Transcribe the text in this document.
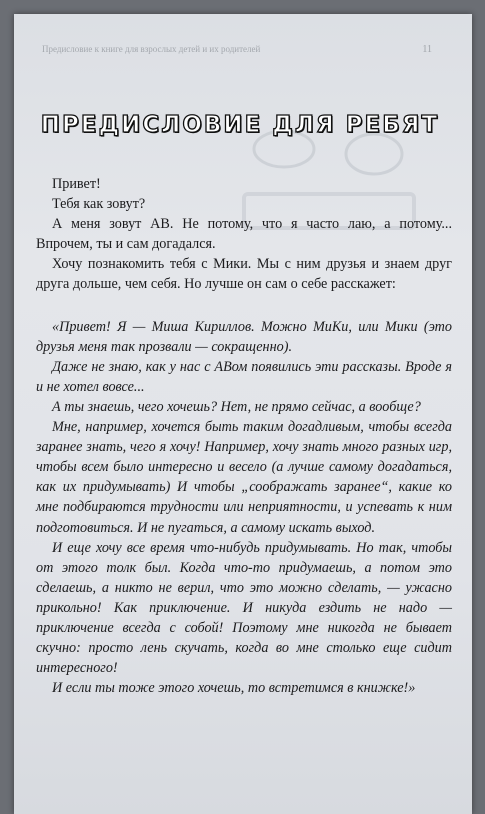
Предисловие к книге для взрослых детей и их родителей	11
ПРЕДИСЛОВИЕ ДЛЯ РЕБЯТ

Привет!

Тебя как зовут?

А меня зовут АВ. Не потому, что я часто лаю, а потому... Впрочем, ты и сам догадался.

Хочу познакомить тебя с Мики. Мы с ним друзья и знаем друг друга дольше, чем себя. Но лучше он сам о себе расскажет:

«Привет! Я — Миша Кириллов. Можно МиКи, или Мики (это друзья меня так прозвали — сокращенно).

Даже не знаю, как у нас с АВом появились эти рассказы. Вроде я и не хотел вовсе...

А ты знаешь, чего хочешь? Нет, не прямо сейчас, а вообще?

Мне, например, хочется быть таким догадливым, чтобы всегда заранее знать, чего я хочу! Например, хочу знать много разных игр, чтобы всем было интересно и весело (а лучше самому догадаться, как их придумывать) И чтобы „соображать заранее“, какие ко мне подбираются трудности или неприятности, и успевать к ним подготовиться. И не пугаться, а самому искать выход.

И еще хочу все время что-нибудь придумывать. Но так, чтобы от этого толк был. Когда что-то придумаешь, а потом это сделаешь, а никто не верил, что это можно сделать, — ужасно прикольно! Как приключение. И никуда ездить не надо — приключение всегда с собой! Поэтому мне никогда не бывает скучно: просто лень скучать, когда во мне столько еще сидит интересного!

И если ты тоже этого хочешь, то встретимся в книжке!»
